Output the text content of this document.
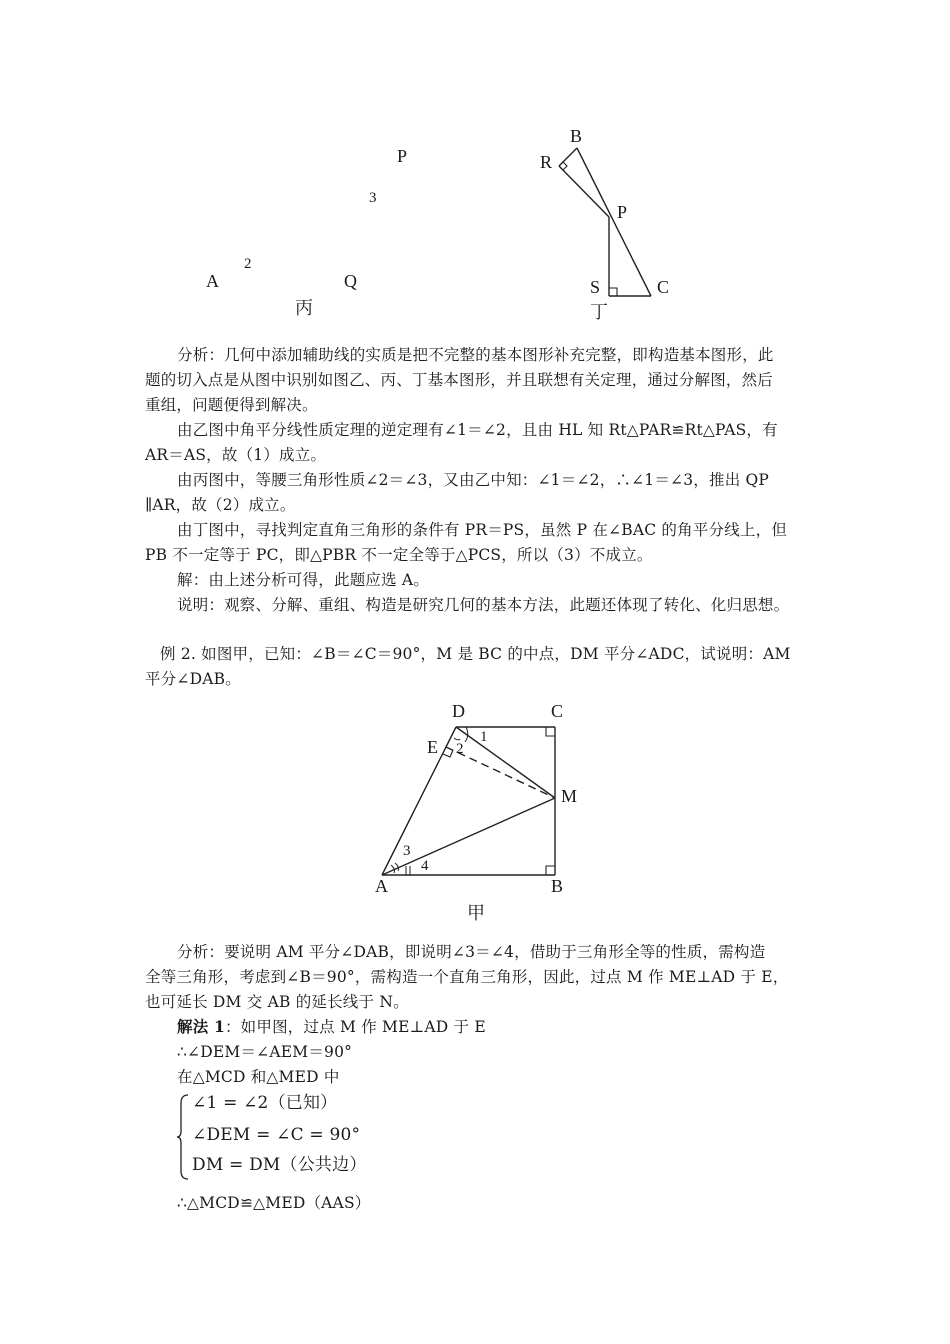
P
3
2
A	Q
丙
B
R
P
S	C
丁
分析：几何中添加辅助线的实质是把不完整的基本图形补充完整，即构造基本图形，此
题的切入点是从图中识别如图乙、丙、丁基本图形，并且联想有关定理，通过分解图，然后
重组，问题便得到解决。
由乙图中角平分线性质定理的逆定理有∠1＝∠2，且由 HL 知 Rt△PAR≌Rt△PAS，有
AR＝AS，故（1）成立。
由丙图中，等腰三角形性质∠2＝∠3，又由乙中知：∠1＝∠2，∴∠1＝∠3，推出 QP
∥AR，故（2）成立。
由丁图中，寻找判定直角三角形的条件有 PR＝PS，虽然 P 在∠BAC 的角平分线上，但
PB 不一定等于 PC，即△PBR 不一定全等于△PCS，所以（3）不成立。
解：由上述分析可得，此题应选 A。
说明：观察、分解、重组、构造是研究几何的基本方法，此题还体现了转化、化归思想。
例 2. 如图甲，已知：∠B＝∠C＝90°，M 是 BC 的中点，DM 平分∠ADC，试说明：AM
平分∠DAB。
D	C
E	1
2
M
3
4
A	B
甲
分析：要说明 AM 平分∠DAB，即说明∠3＝∠4，借助于三角形全等的性质，需构造
全等三角形，考虑到∠B＝90°，需构造一个直角三角形，因此，过点 M 作 ME⊥AD 于 E，
也可延长 DM 交 AB 的延长线于 N。
解法 1：如甲图，过点 M 作 ME⊥AD 于 E
∴∠DEM＝∠AEM＝90°
在△MCD 和△MED 中
∠1 = ∠2（已知）
∠DEM = ∠C = 90°
DM = DM（公共边）
∴△MCD≌△MED（AAS）
